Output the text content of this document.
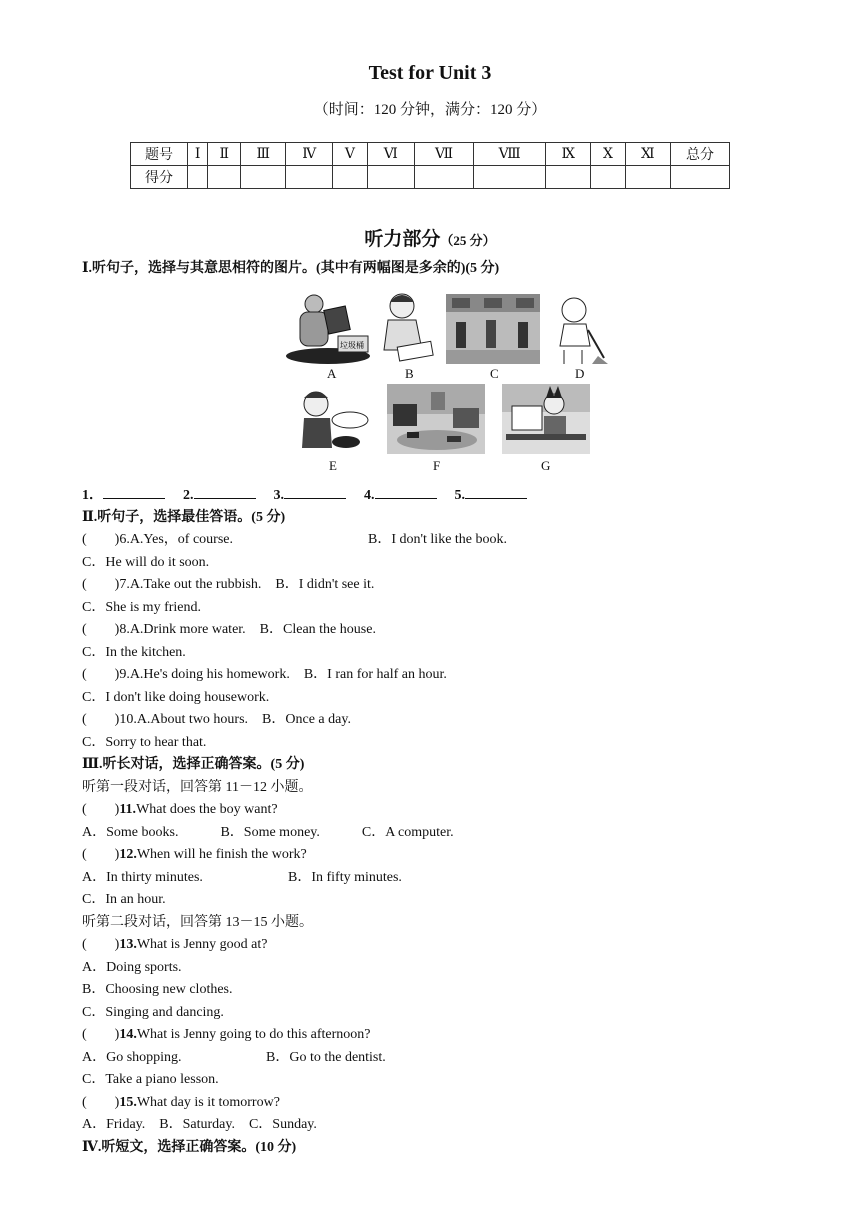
Test for Unit 3
（时间：120 分钟，满分：120 分）
题号	Ⅰ	Ⅱ	Ⅲ	Ⅳ	Ⅴ	Ⅵ	Ⅶ	Ⅷ	Ⅸ	Ⅹ	Ⅺ	总分
得分												
听力部分（25 分）
Ⅰ.听句子，选择与其意思相符的图片。(其中有两幅图是多余的)(5 分)
垃圾桶
A	B	C	D
E	F	G
1．	2.	3.	4.	5.
Ⅱ.听句子，选择最佳答语。(5 分)
(　　)6.A.Yes，of course.	B．I don't like the book.
C．He will do it soon.
(　　)7.A.Take out the rubbish.　B．I didn't see it.
C．She is my friend.
(　　)8.A.Drink more water.　B．Clean the house.
C．In the kitchen.
(　　)9.A.He's doing his homework.　B．I ran for half an hour.
C．I don't like doing housework.
(　　)10.A.About two hours.　B．Once a day.
C．Sorry to hear that.
Ⅲ.听长对话，选择正确答案。(5 分)
听第一段对话，回答第 11－12 小题。
(　　)11.What does the boy want?
A．Some books.　　　B．Some money.　　　C．A computer.
(　　)12.When will he finish the work?
A．In thirty minutes.	B．In fifty minutes.
C．In an hour.
听第二段对话，回答第 13－15 小题。
(　　)13.What is Jenny good at?
A．Doing sports.
B．Choosing new clothes.
C．Singing and dancing.
(　　)14.What is Jenny going to do this afternoon?
A．Go shopping.	B．Go to the dentist.
C．Take a piano lesson.
(　　)15.What day is it tomorrow?
A．Friday.　B．Saturday.　C．Sunday.
Ⅳ.听短文，选择正确答案。(10 分)
